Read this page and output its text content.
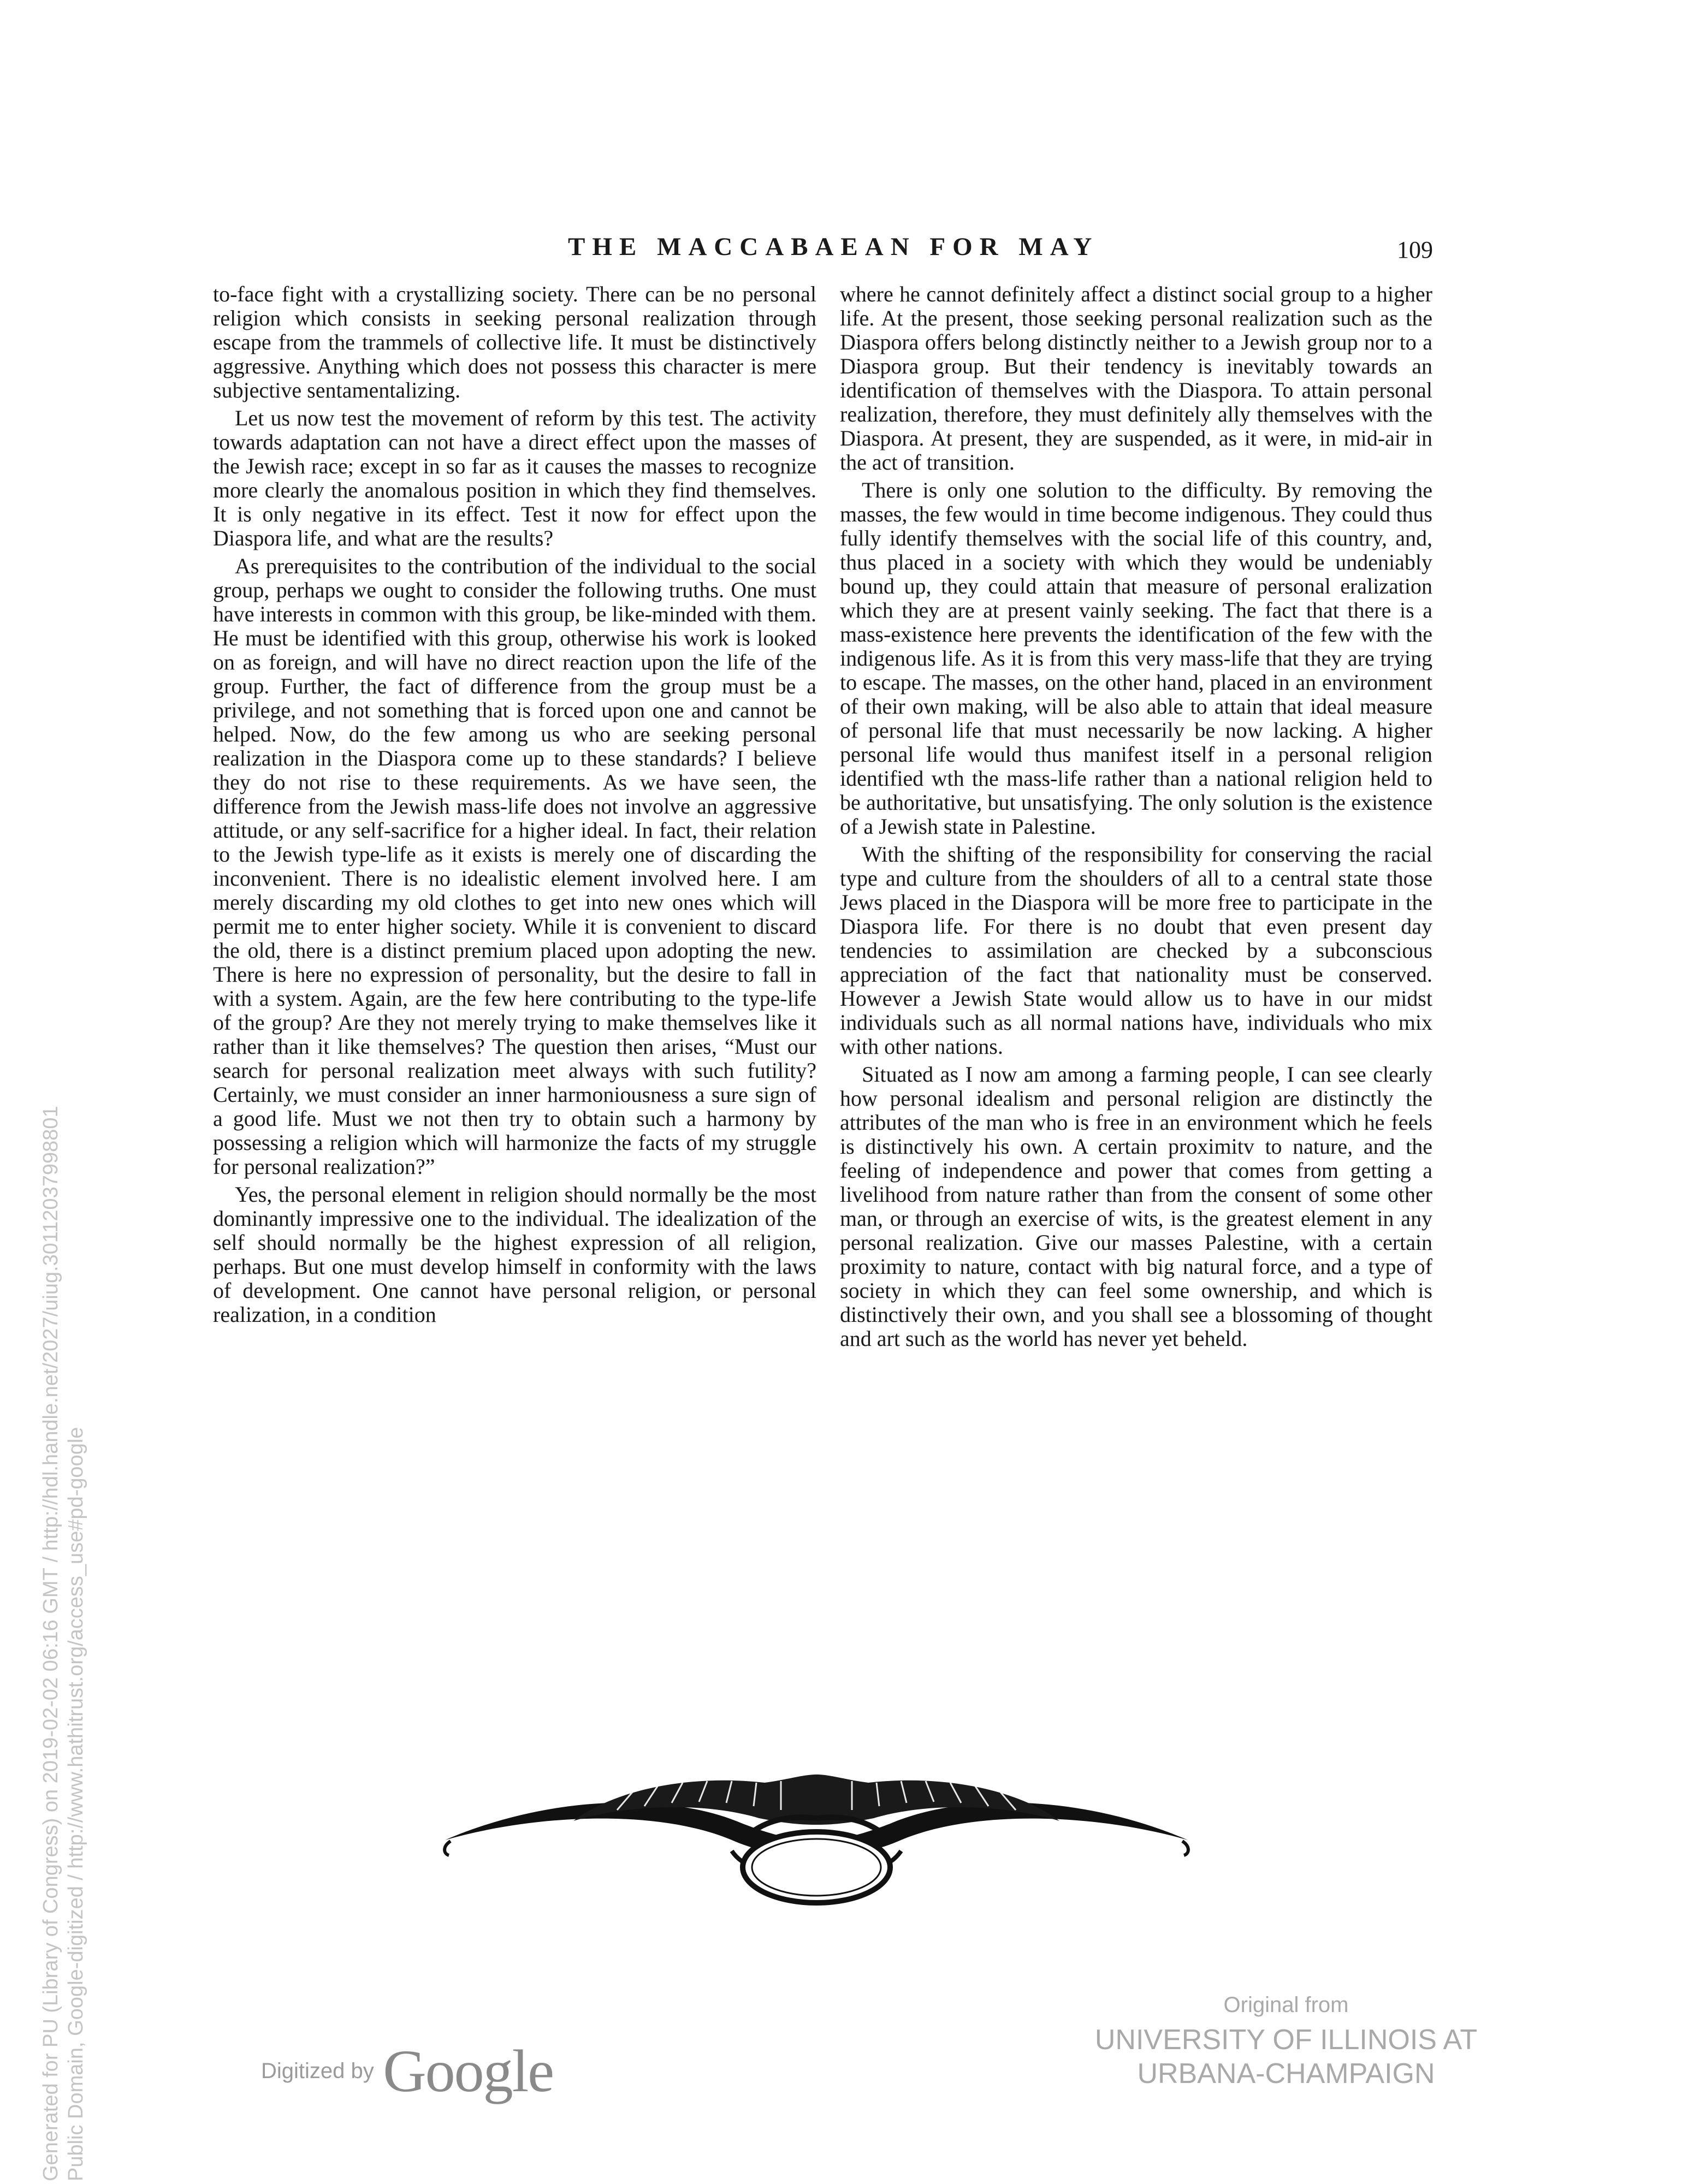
THE MACCABAEAN FOR MAY	109

to-face fight with a crystallizing society. There can be no personal religion which consists in seeking personal realization through escape from the trammels of collective life. It must be distinctively aggressive. Anything which does not possess this character is mere subjective sentamentalizing.

Let us now test the movement of reform by this test. The activity towards adaptation can not have a direct effect upon the masses of the Jewish race; except in so far as it causes the masses to recognize more clearly the anomalous position in which they find themselves. It is only negative in its effect. Test it now for effect upon the Diaspora life, and what are the results?

As prerequisites to the contribution of the individual to the social group, perhaps we ought to consider the following truths. One must have interests in common with this group, be like-minded with them. He must be identified with this group, otherwise his work is looked on as foreign, and will have no direct reaction upon the life of the group. Further, the fact of difference from the group must be a privilege, and not something that is forced upon one and cannot be helped. Now, do the few among us who are seeking personal realization in the Diaspora come up to these standards? I believe they do not rise to these requirements. As we have seen, the difference from the Jewish mass-life does not involve an aggressive attitude, or any self-sacrifice for a higher ideal. In fact, their relation to the Jewish type-life as it exists is merely one of discarding the inconvenient. There is no idealistic element involved here. I am merely discarding my old clothes to get into new ones which will permit me to enter higher society. While it is convenient to discard the old, there is a distinct premium placed upon adopting the new. There is here no expression of personality, but the desire to fall in with a system. Again, are the few here contributing to the type-life of the group? Are they not merely trying to make themselves like it rather than it like themselves? The question then arises, “Must our search for personal realization meet always with such futility? Certainly, we must consider an inner harmoniousness a sure sign of a good life. Must we not then try to obtain such a harmony by possessing a religion which will harmonize the facts of my struggle for personal realization?”

Yes, the personal element in religion should normally be the most dominantly impressive one to the individual. The idealization of the self should normally be the highest expression of all religion, perhaps. But one must develop himself in conformity with the laws of development. One cannot have personal religion, or personal realization, in a condition

where he cannot definitely affect a distinct social group to a higher life. At the present, those seeking personal realization such as the Diaspora offers belong distinctly neither to a Jewish group nor to a Diaspora group. But their tendency is inevitably towards an identification of themselves with the Diaspora. To attain personal realization, therefore, they must definitely ally themselves with the Diaspora. At present, they are suspended, as it were, in mid-air in the act of transition.

There is only one solution to the difficulty. By removing the masses, the few would in time become indigenous. They could thus fully identify themselves with the social life of this country, and, thus placed in a society with which they would be undeniably bound up, they could attain that measure of personal eralization which they are at present vainly seeking. The fact that there is a mass-existence here prevents the identification of the few with the indigenous life. As it is from this very mass-life that they are trying to escape. The masses, on the other hand, placed in an environment of their own making, will be also able to attain that ideal measure of personal life that must necessarily be now lacking. A higher personal life would thus manifest itself in a personal religion identified wth the mass-life rather than a national religion held to be authoritative, but unsatisfying. The only solution is the existence of a Jewish state in Palestine.

With the shifting of the responsibility for conserving the racial type and culture from the shoulders of all to a central state those Jews placed in the Diaspora will be more free to participate in the Diaspora life. For there is no doubt that even present day tendencies to assimilation are checked by a subconscious appreciation of the fact that nationality must be conserved. However a Jewish State would allow us to have in our midst individuals such as all normal nations have, individuals who mix with other nations.

Situated as I now am among a farming people, I can see clearly how personal idealism and personal religion are distinctly the attributes of the man who is free in an environment which he feels is distinctively his own. A certain proximitv to nature, and the feeling of independence and power that comes from getting a livelihood from nature rather than from the consent of some other man, or through an exercise of wits, is the greatest element in any personal realization. Give our masses Palestine, with a certain proximity to nature, contact with big natural force, and a type of society in which they can feel some ownership, and which is distinctively their own, and you shall see a blossoming of thought and art such as the world has never yet beheld.

Digitized by Google
Original from
UNIVERSITY OF ILLINOIS AT
URBANA-CHAMPAIGN
Generated for PU (Library of Congress) on 2019-02-02 06:16 GMT / http://hdl.handle.net/2027/uiug.30112037998801 Public Domain, Google-digitized / http://www.hathitrust.org/access_use#pd-google
